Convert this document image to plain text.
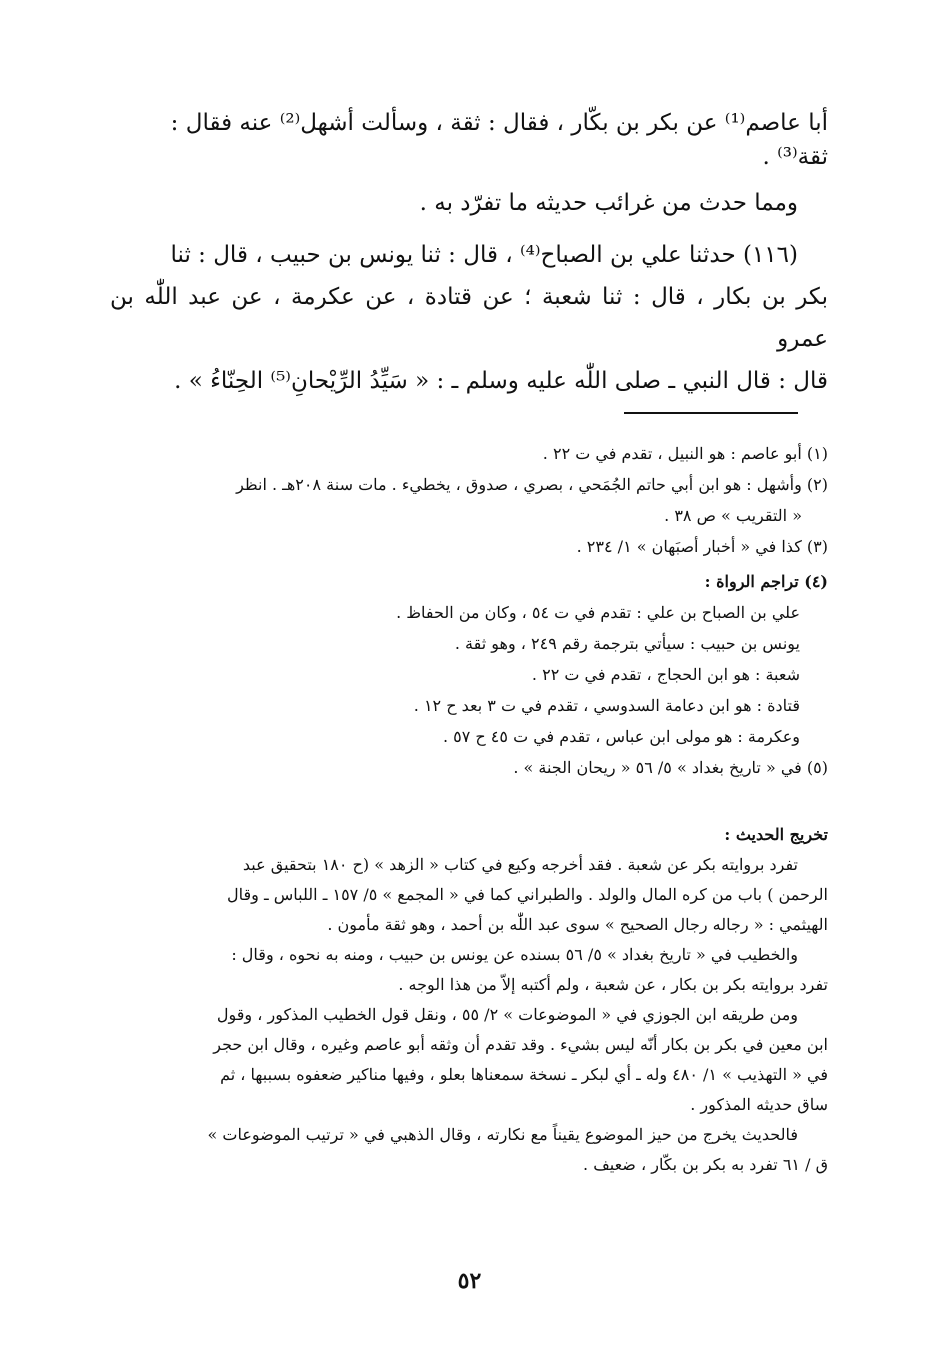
أبا عاصم⁽¹⁾ عن بكر بن بكّار ، فقال : ثقة ، وسألت أشهل⁽²⁾ عنه فقال :

ثقة⁽³⁾ .

ومما حدث من غرائب حديثه ما تفرّد به .

(١١٦) حدثنا علي بن الصباح⁽⁴⁾ ، قال : ثنا يونس بن حبيب ، قال : ثنا

بكر بن بكار ، قال : ثنا شعبة ؛ عن قتادة ، عن عكرمة ، عن عبد اللّٰه بن عمرو

قال : قال النبي ـ صلى اللّٰه عليه وسلم ـ : « سَيِّدُ الرِّيْحانِ⁽⁵⁾ الحِنّاءُ » .

(١) أبو عاصم : هو النبيل ، تقدم في ت ٢٢ .

(٢) وأشهل : هو ابن أبي حاتم الجُمَحي ، بصري ، صدوق ، يخطيء . مات سنة ٢٠٨هـ . انظر

« التقريب » ص ٣٨ .

(٣) كذا في « أخبار أصبَهان » ١/ ٢٣٤ .

(٤) تراجم الرواة :

علي بن الصباح بن علي : تقدم في ت ٥٤ ، وكان من الحفاظ .

يونس بن حبيب : سيأتي بترجمة رقم ٢٤٩ ، وهو ثقة .

شعبة : هو ابن الحجاج ، تقدم في ت ٢٢ .

قتادة : هو ابن دعامة السدوسي ، تقدم في ت ٣ بعد ح ١٢ .

وعكرمة : هو مولى ابن عباس ، تقدم في ت ٤٥ ح ٥٧ .

(٥) في « تاريخ بغداد » ٥/ ٥٦ « ريحان الجنة » .

تخريج الحديث :

تفرد بروايته بكر عن شعبة . فقد أخرجه وكيع في كتاب « الزهد » (ح ١٨٠ بتحقيق عبد

الرحمن ) باب من كره المال والولد . والطبراني كما في « المجمع » ٥/ ١٥٧ ـ اللباس ـ وقال

الهيثمي : « رجاله رجال الصحيح » سوى عبد اللّٰه بن أحمد ، وهو ثقة مأمون .

والخطيب في « تاريخ بغداد » ٥/ ٥٦ بسنده عن يونس بن حبيب ، ومنه به نحوه ، وقال :

تفرد بروايته بكر بن بكار ، عن شعبة ، ولم أكتبه إلاّ من هذا الوجه .

ومن طريقه ابن الجوزي في « الموضوعات » ٢/ ٥٥ ، ونقل قول الخطيب المذكور ، وقول

ابن معين في بكر بن بكار أنّه ليس بشيء . وقد تقدم أن وثقه أبو عاصم وغيره ، وقال ابن حجر

في « التهذيب » ١/ ٤٨٠ وله ـ أي لبكر ـ نسخة سمعناها بعلو ، وفيها مناكير ضعفوه بسببها ، ثم

ساق حديثه المذكور .

فالحديث يخرج من حيز الموضوع يقيناً مع نكارته ، وقال الذهبي في « ترتيب الموضوعات »

ق / ٦١ تفرد به بكر بن بكّار ، ضعيف .

٥٢
